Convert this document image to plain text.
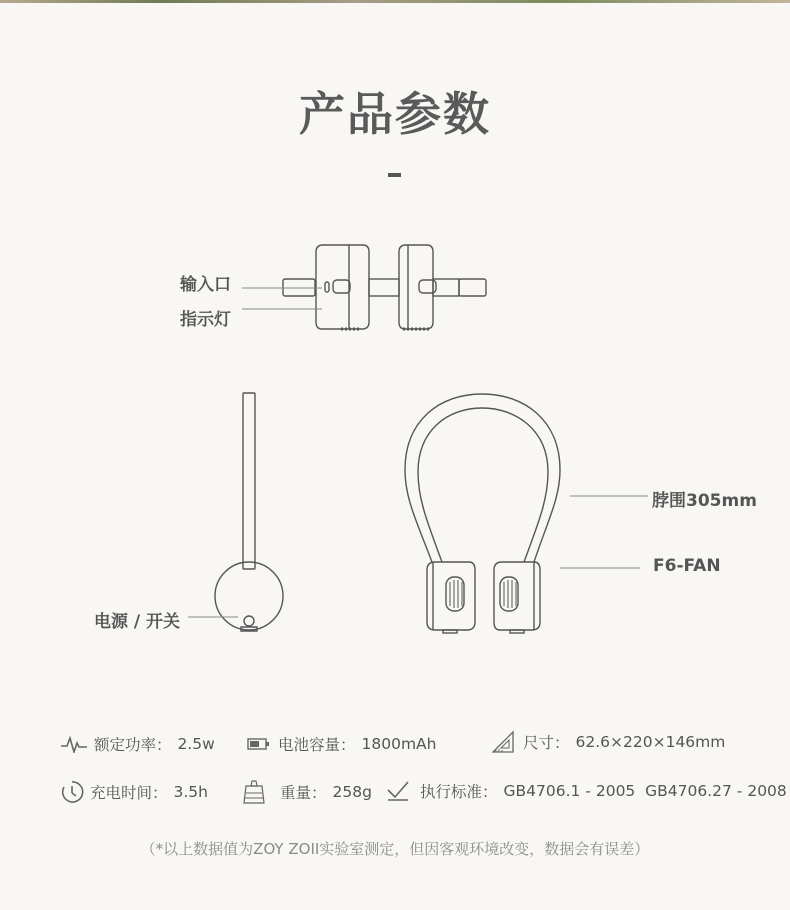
产品参数
输入口
指示灯
电源 / 开关
脖围305mm
F6-FAN
额定功率： 2.5w	电池容量： 1800mAh	尺寸： 62.6×220×146mm
充电时间： 3.5h	重量： 258g	执行标准： GB4706.1 - 2005  GB4706.27 - 2008
（*以上数据值为ZOY ZOII实验室测定，但因客观环境改变，数据会有误差）
